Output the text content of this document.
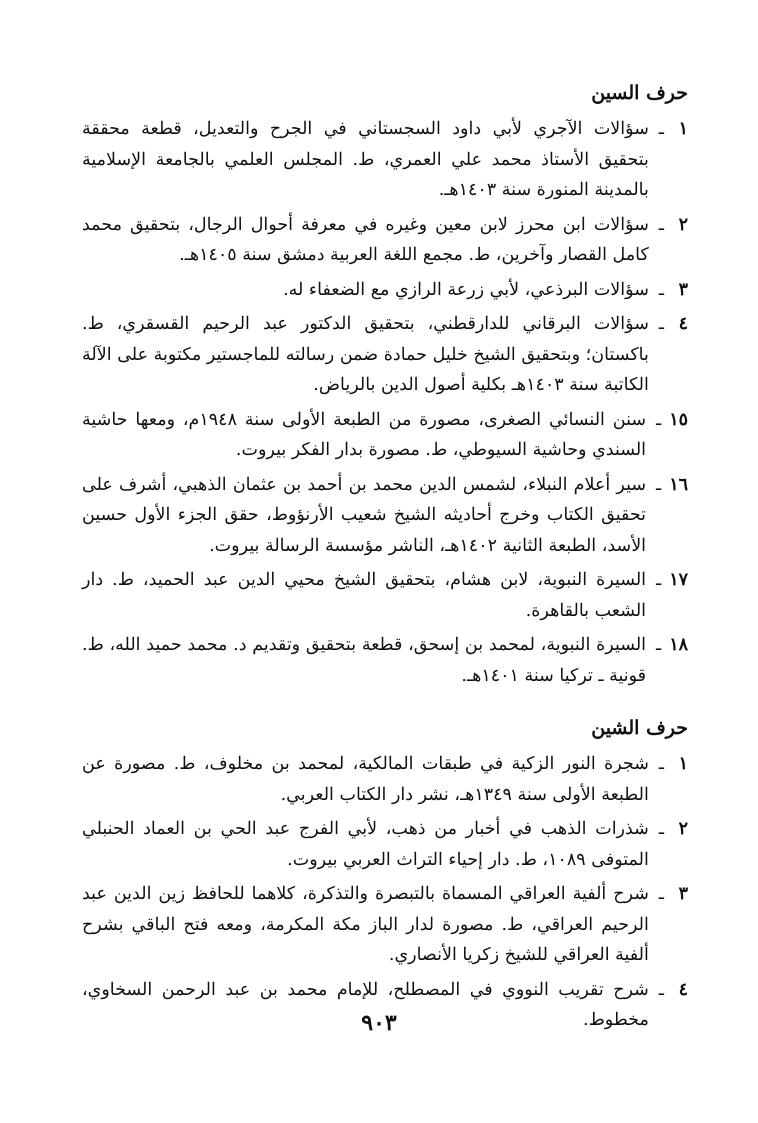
حرف السين
١
ـ
سؤالات الآجري لأبي داود السجستاني في الجرح والتعديل، قطعة محققة بتحقيق الأستاذ محمد علي العمري، ط. المجلس العلمي بالجامعة الإسلامية بالمدينة المنورة سنة ١٤٠٣هـ.
٢
ـ
سؤالات ابن محرز لابن معين وغيره في معرفة أحوال الرجال، بتحقيق محمد كامل القصار وآخرين، ط. مجمع اللغة العربية دمشق سنة ١٤٠٥هـ.
٣
ـ
سؤالات البرذعي، لأبي زرعة الرازي مع الضعفاء له.
٤
ـ
سؤالات البرقاني للدارقطني، بتحقيق الدكتور عبد الرحيم القسقري، ط. باكستان؛ وبتحقيق الشيخ خليل حمادة ضمن رسالته للماجستير مكتوبة على الآلة الكاتبة سنة ١٤٠٣هـ بكلية أصول الدين بالرياض.
١٥
ـ
سنن النسائي الصغرى، مصورة من الطبعة الأولى سنة ١٩٤٨م، ومعها حاشية السندي وحاشية السيوطي، ط. مصورة بدار الفكر بيروت.
١٦
ـ
سير أعلام النبلاء، لشمس الدين محمد بن أحمد بن عثمان الذهبي، أشرف على تحقيق الكتاب وخرج أحاديثه الشيخ شعيب الأرنؤوط، حقق الجزء الأول حسين الأسد، الطبعة الثانية ١٤٠٢هـ، الناشر مؤسسة الرسالة بيروت.
١٧
ـ
السيرة النبوية، لابن هشام، بتحقيق الشيخ محيي الدين عبد الحميد، ط. دار الشعب بالقاهرة.
١٨
ـ
السيرة النبوية، لمحمد بن إسحق، قطعة بتحقيق وتقديم د. محمد حميد الله، ط. قونية ـ تركيا سنة ١٤٠١هـ.
حرف الشين
١
ـ
شجرة النور الزكية في طبقات المالكية، لمحمد بن مخلوف، ط. مصورة عن الطبعة الأولى سنة ١٣٤٩هـ، نشر دار الكتاب العربي.
٢
ـ
شذرات الذهب في أخبار من ذهب، لأبي الفرج عبد الحي بن العماد الحنبلي المتوفى ١٠٨٩، ط. دار إحياء التراث العربي بيروت.
٣
ـ
شرح ألفية العراقي المسماة بالتبصرة والتذكرة، كلاهما للحافظ زين الدين عبد الرحيم العراقي، ط. مصورة لدار الباز مكة المكرمة، ومعه فتح الباقي بشرح ألفية العراقي للشيخ زكريا الأنصاري.
٤
ـ
شرح تقريب النووي في المصطلح، للإمام محمد بن عبد الرحمن السخاوي، مخطوط.
٩٠٣
